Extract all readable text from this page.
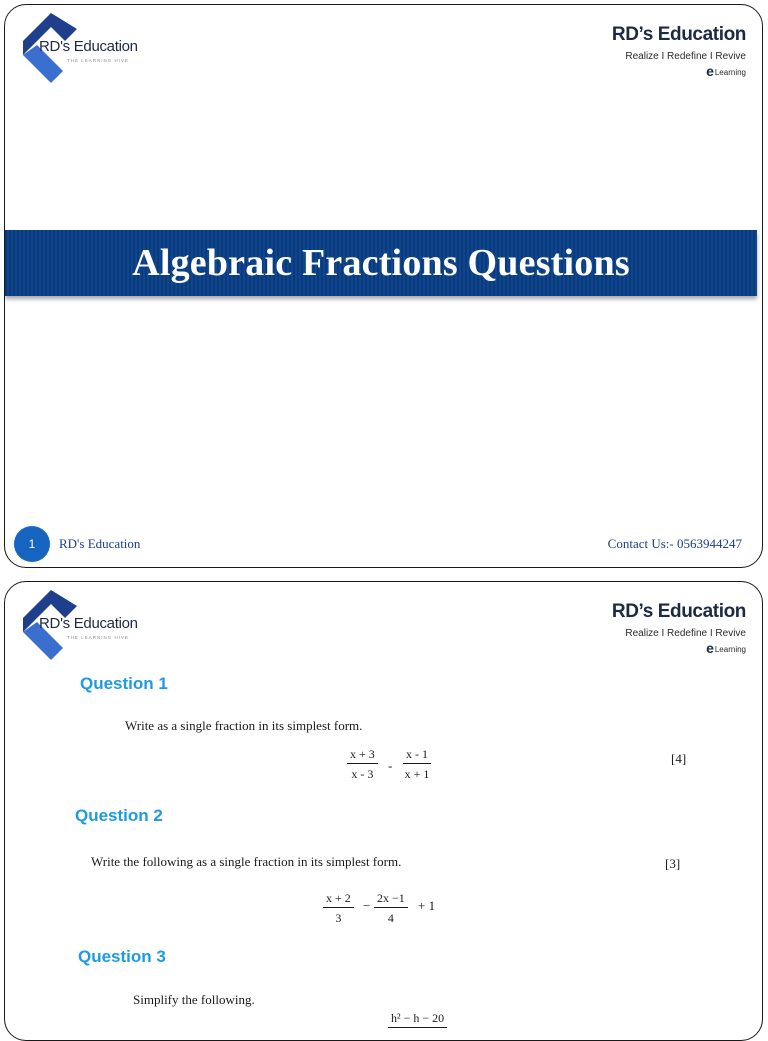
RD's Education
THE LEARNING HIVE
RD’s Education
Realize I Redefine I Revive
eLearning
Algebraic Fractions Questions
1	RD's Education	Contact Us:- 0563944247
RD's Education
THE LEARNING HIVE
RD’s Education
Realize I Redefine I Revive
eLearning
Question 1
Write as a single fraction in its simplest form.
$\frac{x + 3}{x - 3} - \frac{x - 1}{x + 1}$	[4]
Question 2
Write the following as a single fraction in its simplest form.	[3]
$\frac{x + 2}{3} - \frac{2x -1}{4} + 1$
Question 3
Simplify the following.
h² − h − 20
